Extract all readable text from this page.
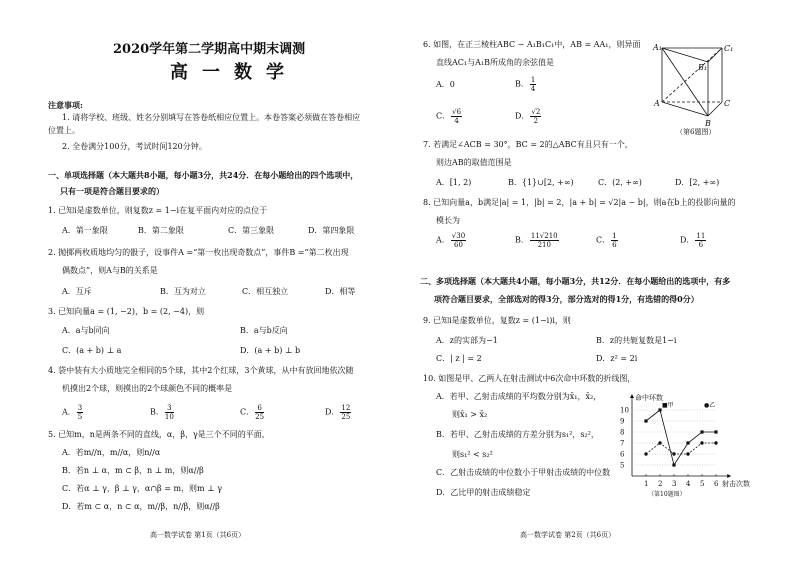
2020学年第二学期高中期末调测
高一数学
注意事项:
1. 请将学校、班级、姓名分别填写在答卷纸相应位置上。本卷答案必须做在答卷相应
位置上。
2. 全卷满分100分，考试时间120分钟。
一、单项选择题（本大题共8小题，每小题3分，共24分．在每小题给出的四个选项中，
只有一项是符合题目要求的）
1. 已知i是虚数单位，则复数z = 1−i在复平面内对应的点位于
A．第一象限	B．第二象限	C．第三象限	D．第四象限
2. 抛掷两枚质地均匀的骰子，设事件A =“第一枚出现奇数点”，事件B =“第二枚出现
偶数点”，则A与B的关系是
A．互斥	B．互为对立	C．相互独立	D．相等
3. 已知向量a = (1, −2)，b = (2, −4)，则
A．a与b同向	B．a与b反向
C．(a + b) ⊥ a	D．(a + b) ⊥ b
4. 袋中装有大小质地完全相同的5个球，其中2个红球，3个黄球，从中有放回地依次随
机摸出2个球，则摸出的2个球颜色不同的概率是
A． $\frac{3}{5}$	B． $\frac{3}{10}$	C． $\frac{6}{25}$	D． $\frac{12}{25}$
5. 已知m，n是两条不同的直线，α，β，γ是三个不同的平面，
A．若m//n，m//α，则n//α
B．若n ⊥ α，m ⊂ β，n ⊥ m，则α//β
C．若α ⊥ γ，β ⊥ γ，α∩β = m，则m ⊥ γ
D．若m ⊂ α，n ⊂ α，m//β，n//β，则α//β
高一数学试卷 第1页（共6页）
6. 如图，在正三棱柱ABC − A₁B₁C₁中，AB = AA₁，则异面
直线AC₁与A₁B所成角的余弦值是
A．0	B． $\frac{1}{4}$
C． $\frac{√6}{4}$	D． $\frac{√2}{2}$
A₁	C₁
B₁
A	C
B
（第6题图）
7. 若满足∠ACB = 30°，BC = 2的△ABC有且只有一个，
则边AB的取值范围是
A．[1, 2)	B．{1}∪[2, +∞)	C．(2, +∞)	D．[2, +∞)
8. 已知向量a，b满足|a| = 1，|b| = 2，|a + b| = √2|a − b|，则a在b上的投影向量的
模长为
A． $\frac{√30}{60}$	B． $\frac{11√210}{210}$	C． $\frac{1}{6}$	D． $\frac{11}{6}$
二、多项选择题（本大题共4小题，每小题3分，共12分．在每小题给出的选项中，有多
项符合题目要求，全部选对的得3分，部分选对的得1分，有选错的得0分）
9. 已知i是虚数单位，复数z = (1−i)i，则
A．z的实部为−1	B．z的共轭复数是1−i
C．| z | = 2	D．z² = 2i
10. 如图是甲、乙两人在射击测试中6次命中环数的折线图，
A．若甲、乙射击成绩的平均数分别为x̄₁，x̄₂，
则x̄₁ > x̄₂
B．若甲、乙射击成绩的方差分别为s₁²，s₂²，
则s₁² < s₂²
C．乙射击成绩的中位数小于甲射击成绩的中位数
D．乙比甲的射击成绩稳定
命中环数
射击次数
（第10题图）
5
6
7
8
9
10
1 2 3 4 5 6
■甲	●乙
高一数学试卷 第2页（共6页）
